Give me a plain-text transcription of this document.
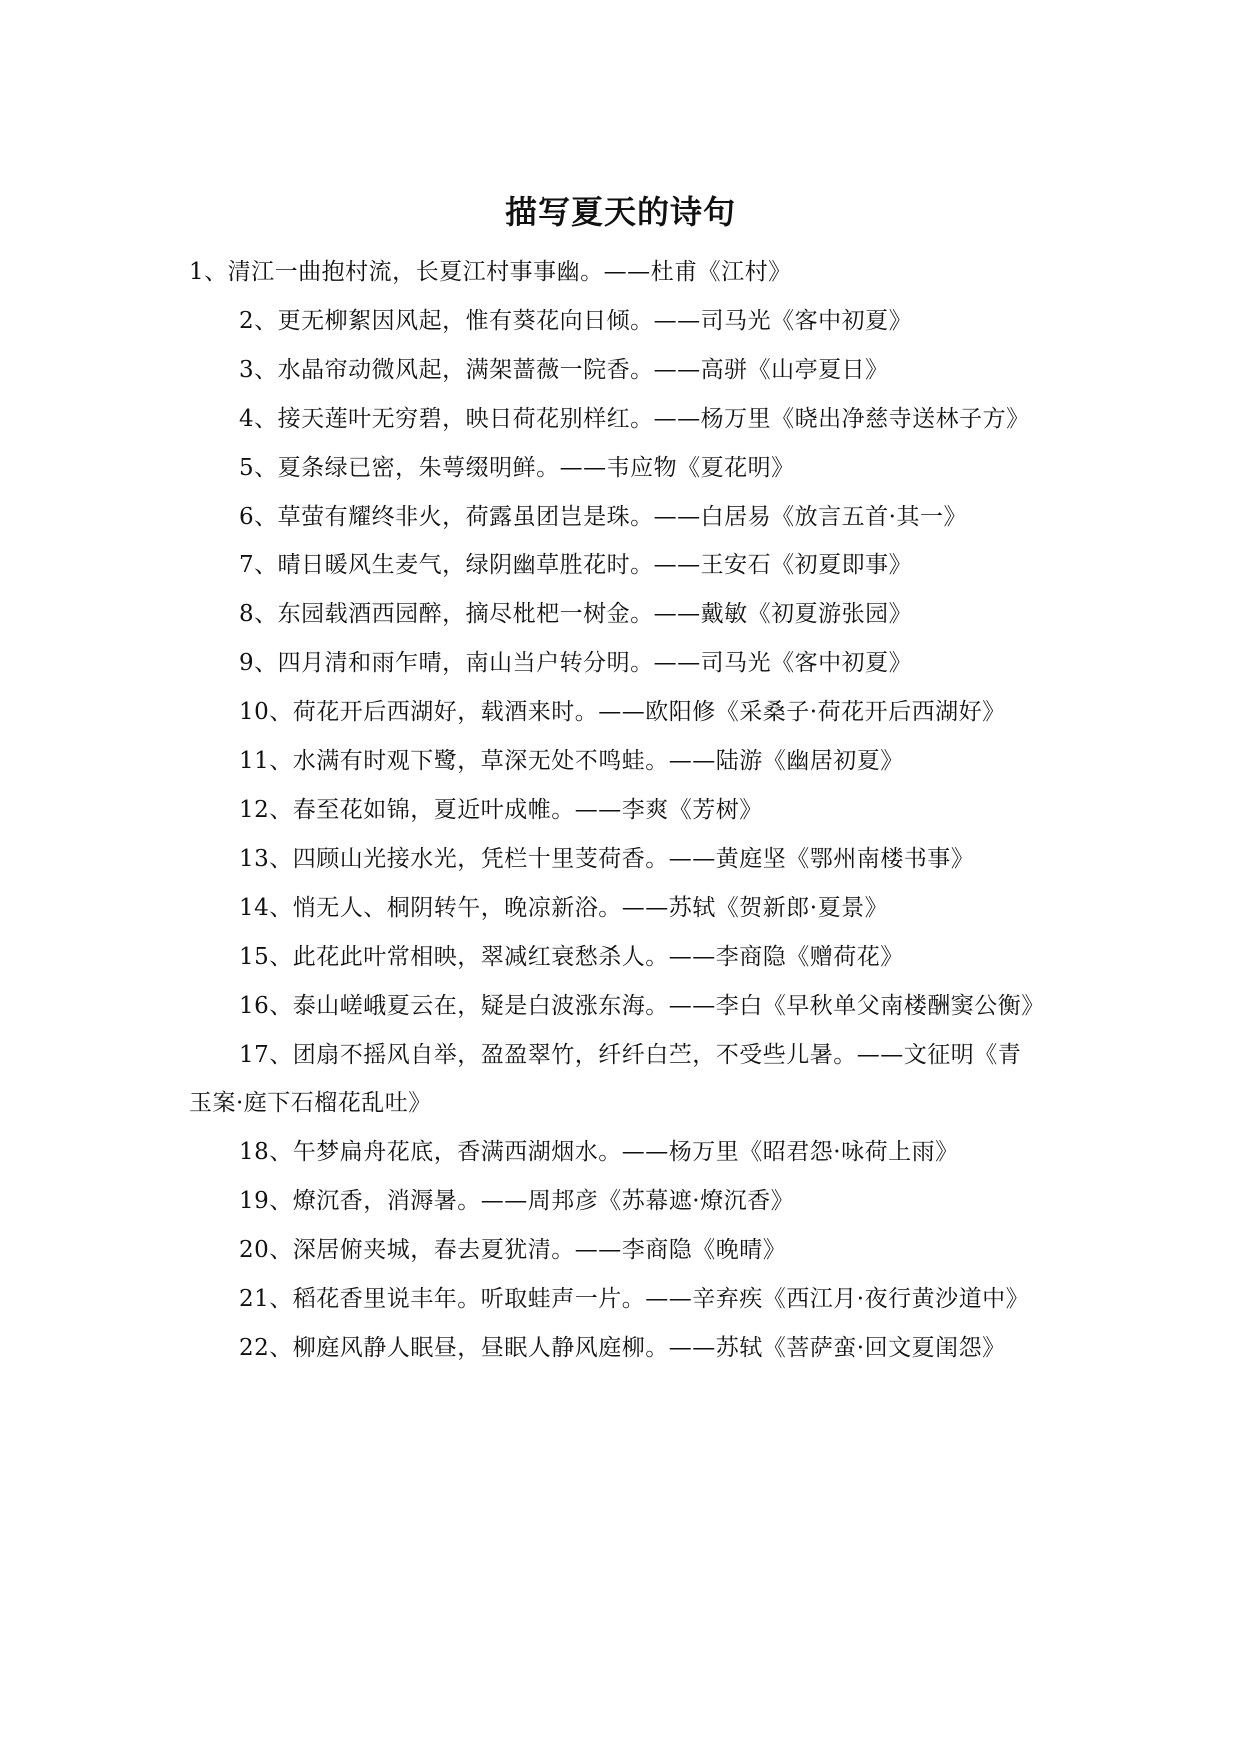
描写夏天的诗句

1、清江一曲抱村流，长夏江村事事幽。——杜甫《江村》

2、更无柳絮因风起，惟有葵花向日倾。——司马光《客中初夏》

3、水晶帘动微风起，满架蔷薇一院香。——高骈《山亭夏日》

4、接天莲叶无穷碧，映日荷花别样红。——杨万里《晓出净慈寺送林子方》

5、夏条绿已密，朱萼缀明鲜。——韦应物《夏花明》

6、草萤有耀终非火，荷露虽团岂是珠。——白居易《放言五首·其一》

7、晴日暖风生麦气，绿阴幽草胜花时。——王安石《初夏即事》

8、东园载酒西园醉，摘尽枇杷一树金。——戴敏《初夏游张园》

9、四月清和雨乍晴，南山当户转分明。——司马光《客中初夏》

10、荷花开后西湖好，载酒来时。——欧阳修《采桑子·荷花开后西湖好》

11、水满有时观下鹭，草深无处不鸣蛙。——陆游《幽居初夏》

12、春至花如锦，夏近叶成帷。——李爽《芳树》

13、四顾山光接水光，凭栏十里芰荷香。——黄庭坚《鄂州南楼书事》

14、悄无人、桐阴转午，晚凉新浴。——苏轼《贺新郎·夏景》

15、此花此叶常相映，翠减红衰愁杀人。——李商隐《赠荷花》

16、泰山嵯峨夏云在，疑是白波涨东海。——李白《早秋单父南楼酬窦公衡》

17、团扇不摇风自举，盈盈翠竹，纤纤白苎，不受些儿暑。——文征明《青玉案·庭下石榴花乱吐》

18、午梦扁舟花底，香满西湖烟水。——杨万里《昭君怨·咏荷上雨》

19、燎沉香，消溽暑。——周邦彦《苏幕遮·燎沉香》

20、深居俯夹城，春去夏犹清。——李商隐《晚晴》

21、稻花香里说丰年。听取蛙声一片。——辛弃疾《西江月·夜行黄沙道中》

22、柳庭风静人眠昼，昼眠人静风庭柳。——苏轼《菩萨蛮·回文夏闺怨》
